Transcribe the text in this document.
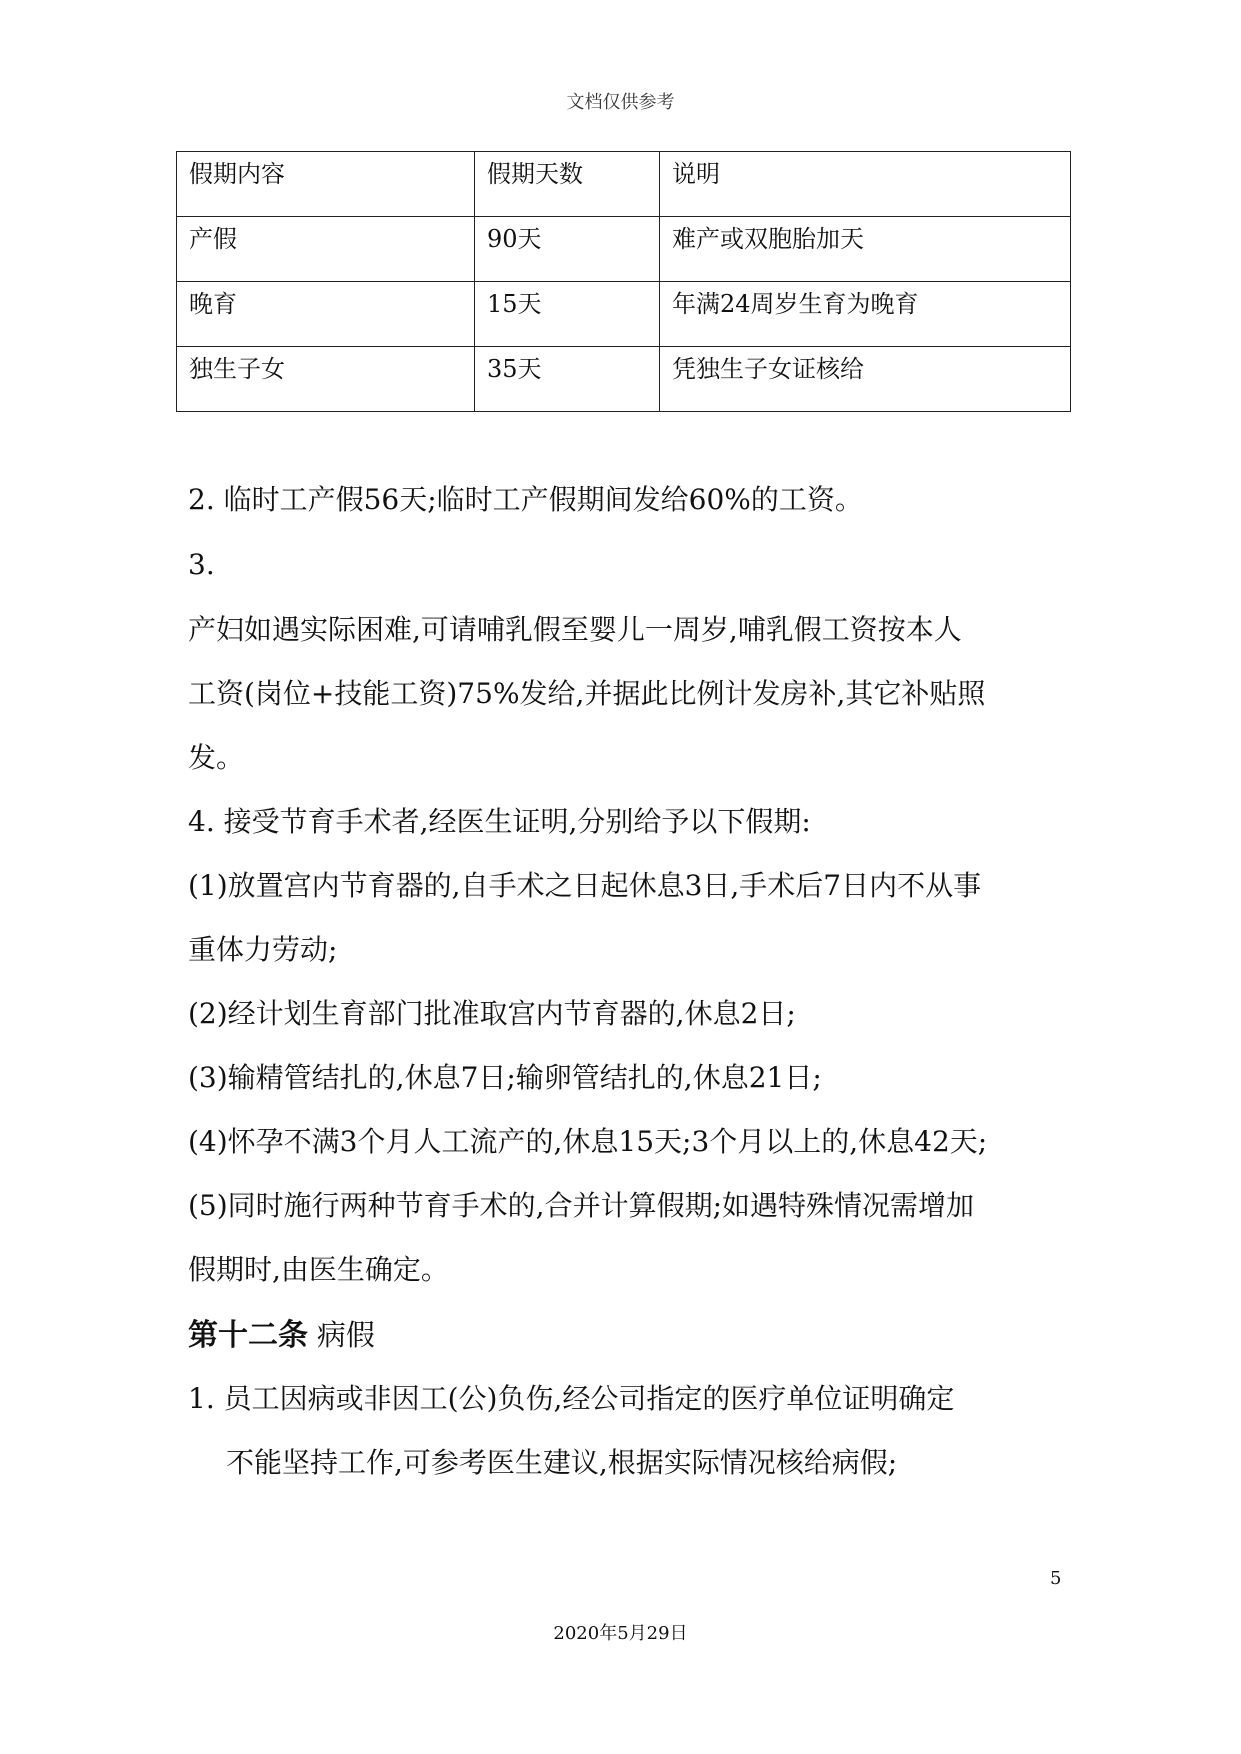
文档仅供参考
假期内容	假期天数	说明
产假	90天	难产或双胞胎加天
晚育	15天	年满24周岁生育为晚育
独生子女	35天	凭独生子女证核给
2. 临时工产假56天;临时工产假期间发给60%的工资。
3.
产妇如遇实际困难,可请哺乳假至婴儿一周岁,哺乳假工资按本人
工资(岗位+技能工资)75%发给,并据此比例计发房补,其它补贴照
发。
4. 接受节育手术者,经医生证明,分别给予以下假期:
(1)放置宫内节育器的,自手术之日起休息3日,手术后7日内不从事
重体力劳动;
(2)经计划生育部门批准取宫内节育器的,休息2日;
(3)输精管结扎的,休息7日;输卵管结扎的,休息21日;
(4)怀孕不满3个月人工流产的,休息15天;3个月以上的,休息42天;
(5)同时施行两种节育手术的,合并计算假期;如遇特殊情况需增加
假期时,由医生确定。
第十二条 病假
1. 员工因病或非因工(公)负伤,经公司指定的医疗单位证明确定
不能坚持工作,可参考医生建议,根据实际情况核给病假;
5
2020年5月29日
